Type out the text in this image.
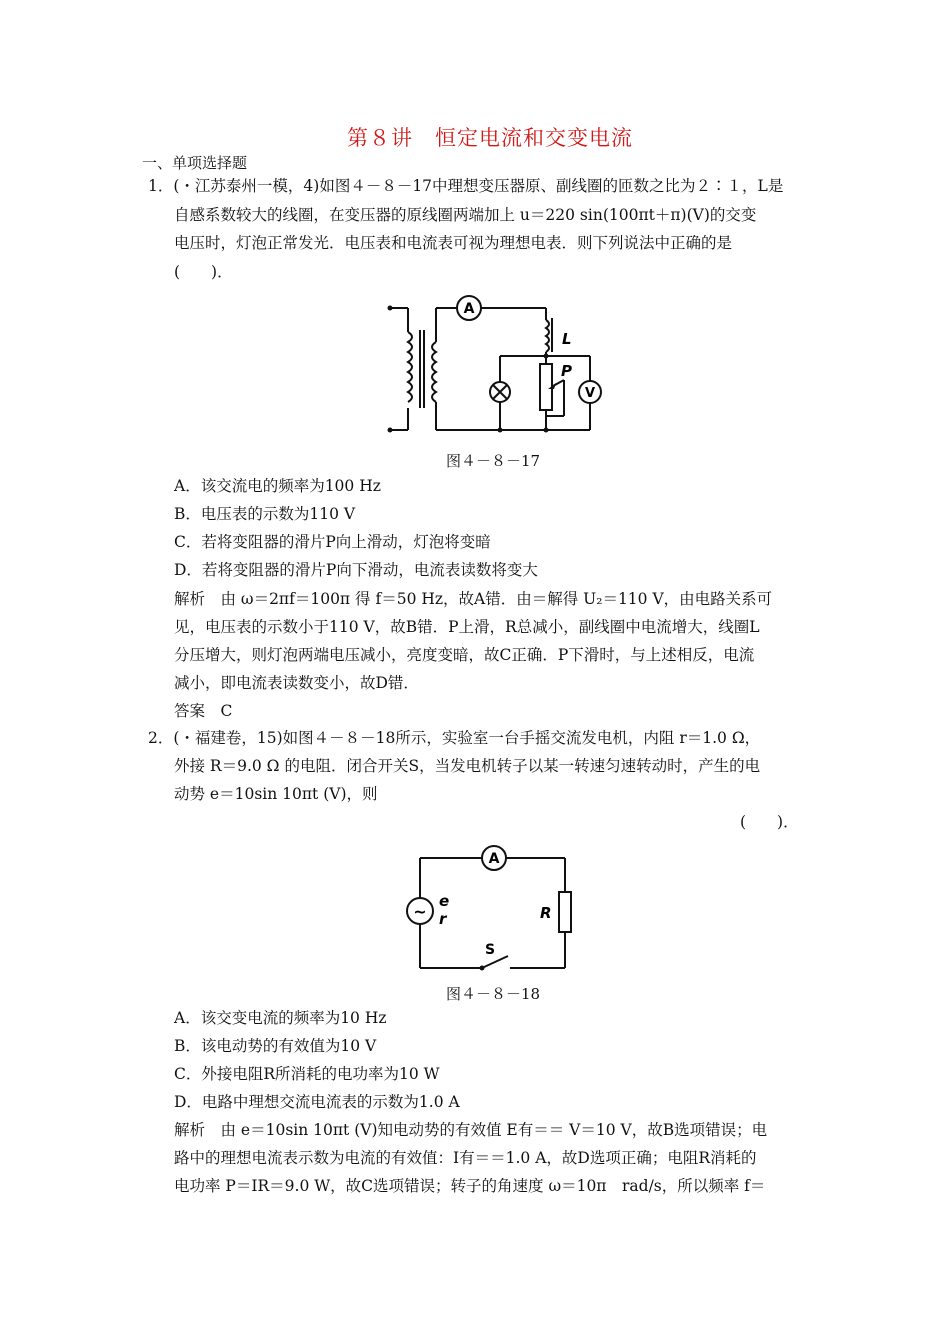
第８讲　恒定电流和交变电流
一、单项选择题
1．(・江苏泰州一模，4)如图４－８－17中理想变压器原、副线圈的匝数之比为２∶１，L是
自感系数较大的线圈，在变压器的原线圈两端加上 u＝220 sin(100πt＋π)(V)的交变
电压时，灯泡正常发光．电压表和电流表可视为理想电表．则下列说法中正确的是
(　　)．
A
V
L
P
图４－８－17
A．该交流电的频率为100 Hz
B．电压表的示数为110 V
C．若将变阻器的滑片P向上滑动，灯泡将变暗
D．若将变阻器的滑片P向下滑动，电流表读数将变大
解析　由 ω＝2πf＝100π 得 f＝50 Hz，故A错．由＝解得 U₂＝110 V，由电路关系可
见，电压表的示数小于110 V，故B错．P上滑，R总减小，副线圈中电流增大，线圈L
分压增大，则灯泡两端电压减小，亮度变暗，故C正确．P下滑时，与上述相反，电流
减小，即电流表读数变小，故D错．
答案　C
2．(・福建卷，15)如图４－８－18所示，实验室一台手摇交流发电机，内阻 r＝1.0 Ω，
外接 R＝9.0 Ω 的电阻．闭合开关S，当发电机转子以某一转速匀速转动时，产生的电
动势 e＝10sin 10πt (V)，则
(　　)．
~
A
e
r	R
S
图４－８－18
A．该交变电流的频率为10 Hz
B．该电动势的有效值为10 V
C．外接电阻R所消耗的电功率为10 W
D．电路中理想交流电流表的示数为1.0 A
解析　由 e＝10sin 10πt (V)知电动势的有效值 E有＝＝ V＝10 V，故B选项错误；电
路中的理想电流表示数为电流的有效值：I有＝＝1.0 A，故D选项正确；电阻R消耗的
电功率 P＝IR＝9.0 W，故C选项错误；转子的角速度 ω＝10π　rad/s，所以频率 f＝
